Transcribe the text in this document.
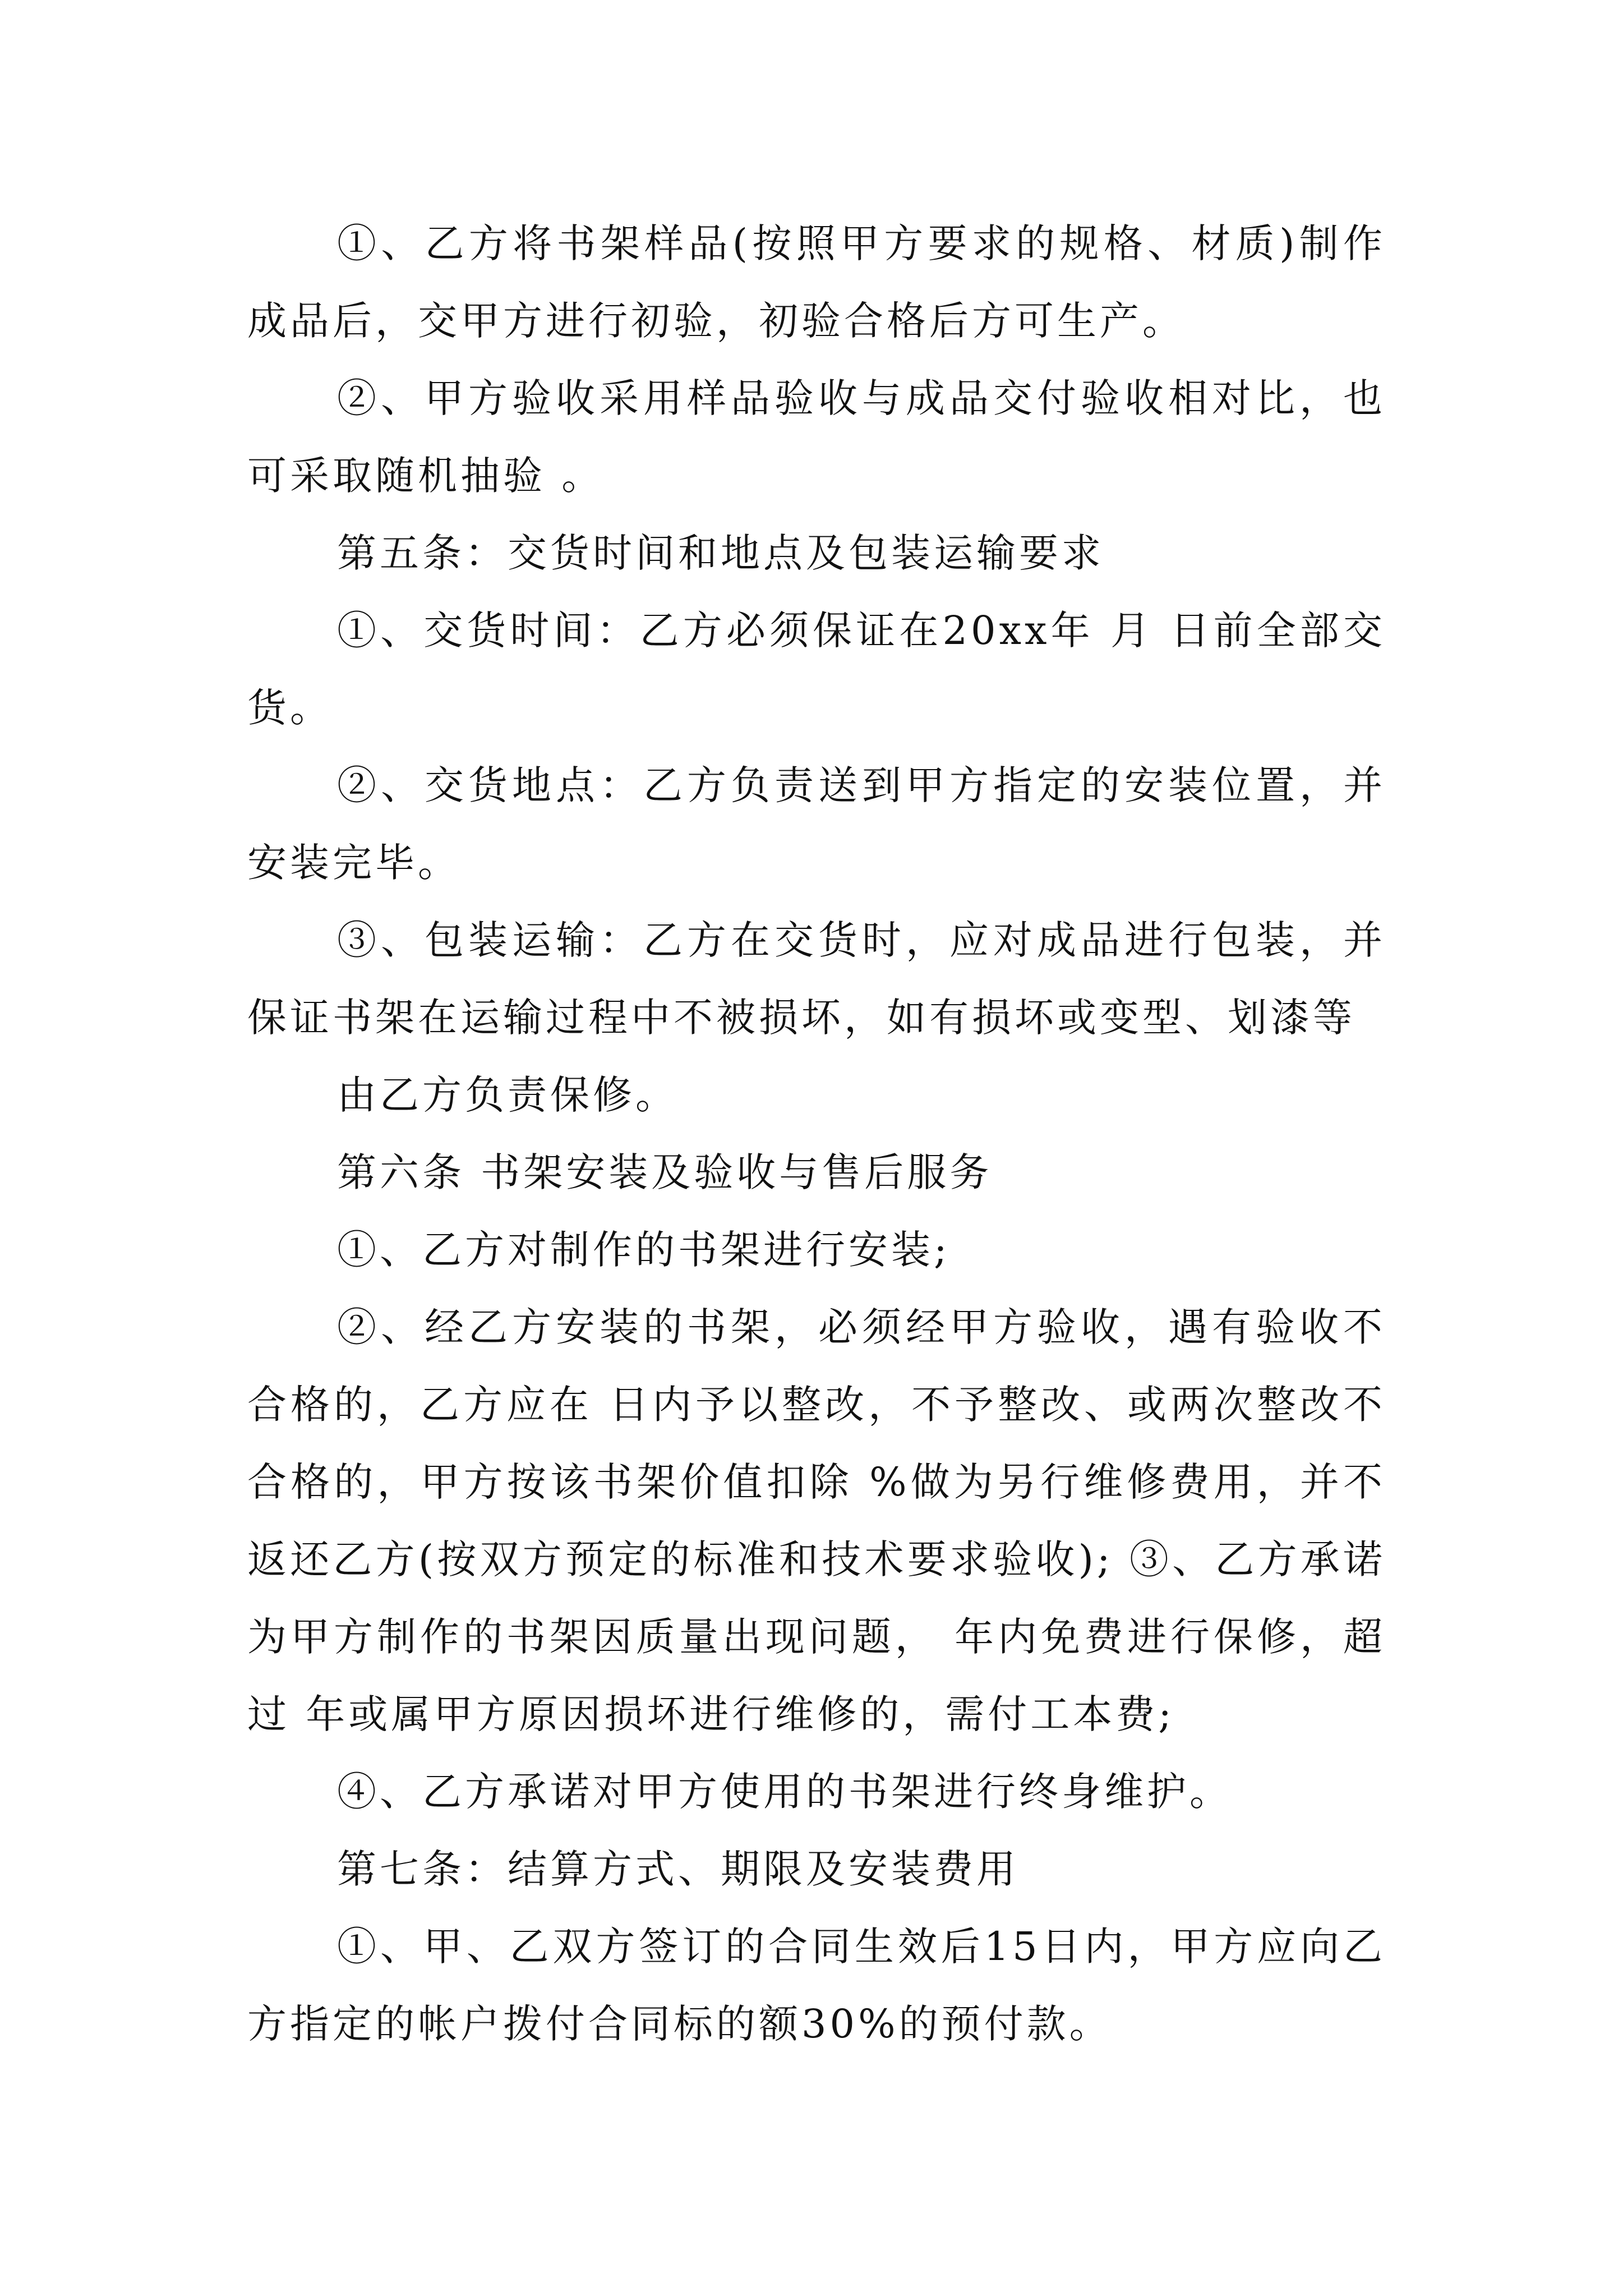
①、乙方将书架样品(按照甲方要求的规格、材质)制作成品后，交甲方进行初验，初验合格后方可生产。

②、甲方验收采用样品验收与成品交付验收相对比，也可采取随机抽验 。

第五条：交货时间和地点及包装运输要求

①、交货时间：乙方必须保证在20xx年 月 日前全部交货。

②、交货地点：乙方负责送到甲方指定的安装位置，并安装完毕。

③、包装运输：乙方在交货时，应对成品进行包装，并保证书架在运输过程中不被损坏，如有损坏或变型、划漆等

由乙方负责保修。

第六条 书架安装及验收与售后服务

①、乙方对制作的书架进行安装;

②、经乙方安装的书架，必须经甲方验收，遇有验收不合格的，乙方应在 日内予以整改，不予整改、或两次整改不合格的，甲方按该书架价值扣除 %做为另行维修费用，并不返还乙方(按双方预定的标准和技术要求验收); ③、乙方承诺为甲方制作的书架因质量出现问题， 年内免费进行保修，超过 年或属甲方原因损坏进行维修的，需付工本费;

④、乙方承诺对甲方使用的书架进行终身维护。

第七条：结算方式、期限及安装费用

①、甲、乙双方签订的合同生效后15日内，甲方应向乙方指定的帐户拨付合同标的额30%的预付款。
